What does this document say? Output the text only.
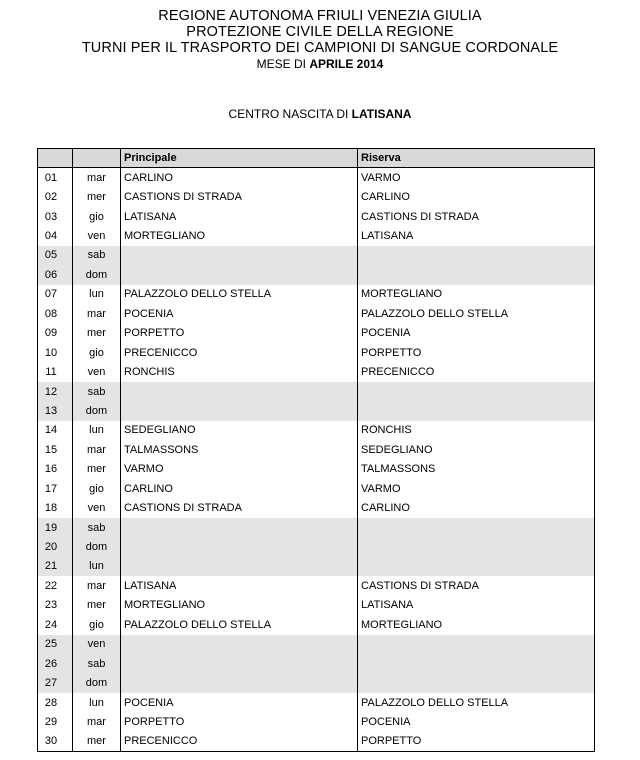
REGIONE AUTONOMA FRIULI VENEZIA GIULIA
PROTEZIONE CIVILE DELLA REGIONE
TURNI PER IL TRASPORTO DEI CAMPIONI DI SANGUE CORDONALE
MESE DI APRILE 2014
CENTRO NASCITA DI LATISANA
		Principale	Riserva
01	mar	CARLINO	VARMO
02	mer	CASTIONS DI STRADA	CARLINO
03	gio	LATISANA	CASTIONS DI STRADA
04	ven	MORTEGLIANO	LATISANA
05	sab		
06	dom		
07	lun	PALAZZOLO DELLO STELLA	MORTEGLIANO
08	mar	POCENIA	PALAZZOLO DELLO STELLA
09	mer	PORPETTO	POCENIA
10	gio	PRECENICCO	PORPETTO
11	ven	RONCHIS	PRECENICCO
12	sab		
13	dom		
14	lun	SEDEGLIANO	RONCHIS
15	mar	TALMASSONS	SEDEGLIANO
16	mer	VARMO	TALMASSONS
17	gio	CARLINO	VARMO
18	ven	CASTIONS DI STRADA	CARLINO
19	sab		
20	dom		
21	lun		
22	mar	LATISANA	CASTIONS DI STRADA
23	mer	MORTEGLIANO	LATISANA
24	gio	PALAZZOLO DELLO STELLA	MORTEGLIANO
25	ven		
26	sab		
27	dom		
28	lun	POCENIA	PALAZZOLO DELLO STELLA
29	mar	PORPETTO	POCENIA
30	mer	PRECENICCO	PORPETTO
